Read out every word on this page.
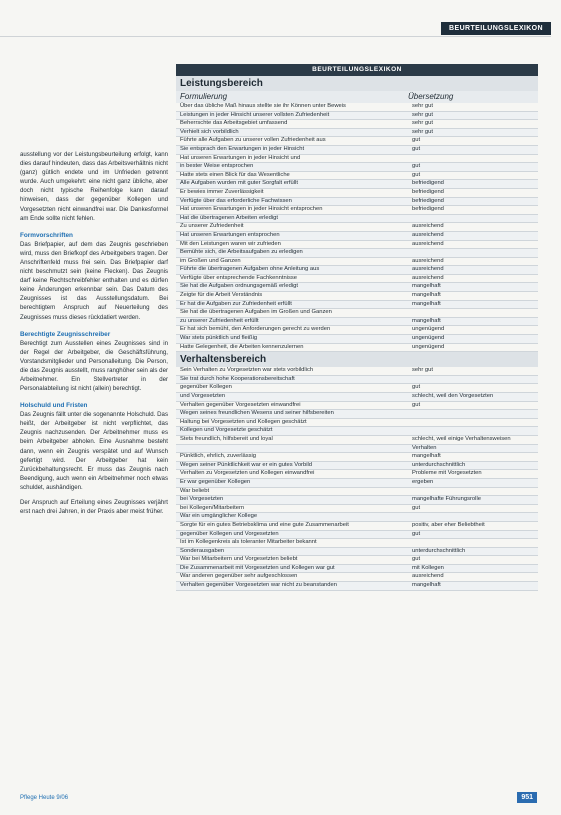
BEURTEILUNGSLEXIKON

ausstellung vor der Leistungsbeurteilung erfolgt, kann dies darauf hindeuten, dass das Arbeitsverhältnis nicht (ganz) gütlich endete und im Unfrieden getrennt wurde. Auch umgekehrt: eine nicht ganz übliche, aber doch nicht typische Reihenfolge kann darauf hinweisen, dass der gegenüber Kollegen und Vorgesetzten nicht einwandfrei war. Die Dankesformel am Ende sollte nicht fehlen.

Formvorschriften

Das Briefpapier, auf dem das Zeugnis geschrieben wird, muss den Briefkopf des Arbeitgebers tragen. Der Anschriftenfeld muss frei sein. Das Briefpapier darf nicht beschmutzt sein (keine Flecken). Das Zeugnis darf keine Rechtschreibfehler enthalten und es dürfen keine Änderungen erkennbar sein. Das Datum des Zeugnisses ist das Ausstellungsdatum. Bei berechtigtem Anspruch auf Neuerteilung des Zeugnisses muss dieses rückdatiert werden.

Berechtigte Zeugnisschreiber

Berechtigt zum Ausstellen eines Zeugnisses sind in der Regel der Arbeitgeber, die Geschäftsführung, Vorstandsmitglieder und Personalleitung. Die Person, die das Zeugnis ausstellt, muss ranghöher sein als der Arbeitnehmer. Ein Stellvertreter in der Personalabteilung ist nicht (allein) berechtigt.

Holschuld und Fristen

Das Zeugnis fällt unter die sogenannte Holschuld. Das heißt, der Arbeitgeber ist nicht verpflichtet, das Zeugnis nachzusenden. Der Arbeitnehmer muss es beim Arbeitgeber abholen. Eine Ausnahme besteht dann, wenn ein Zeugnis verspätet und auf Wunsch gefertigt wird. Der Arbeitgeber hat kein Zurückbehaltungsrecht. Er muss das Zeugnis nach Beendigung, auch wenn ein Arbeitnehmer noch etwas schuldet, aushändigen.

Der Anspruch auf Erteilung eines Zeugnisses verjährt erst nach drei Jahren, in der Praxis aber meist früher.

BEURTEILUNGSLEXIKON
Leistungsbereich
Formulierung	Übersetzung
Über das übliche Maß hinaus stellte sie ihr Können unter Beweis	sehr gut
Leistungen in jeder Hinsicht unserer vollsten Zufriedenheit	sehr gut
Beherrschte das Arbeitsgebiet umfassend	sehr gut
Verhielt sich vorbildlich	sehr gut
Führte alle Aufgaben zu unserer vollen Zufriedenheit aus	gut
Sie entsprach den Erwartungen in jeder Hinsicht	gut
Hat unseren Erwartungen in jeder Hinsicht und
in bester Weise entsprochen	gut
Hatte stets einen Blick für das Wesentliche	gut
Alle Aufgaben wurden mit guter Sorgfalt erfüllt	befriedigend
Er bewies immer Zuverlässigkeit	befriedigend
Verfügte über das erforderliche Fachwissen	befriedigend
Hat unseren Erwartungen in jeder Hinsicht entsprochen	befriedigend
Hat die übertragenen Arbeiten erledigt
Zu unserer Zufriedenheit	ausreichend
Hat unseren Erwartungen entsprochen	ausreichend
Mit den Leistungen waren wir zufrieden	ausreichend
Bemühte sich, die Arbeitsaufgaben zu erledigen
im Großen und Ganzen	ausreichend
Führte die übertragenen Aufgaben ohne Anleitung aus	ausreichend
Verfügte über entsprechende Fachkenntnisse	ausreichend
Sie hat die Aufgaben ordnungsgemäß erledigt	mangelhaft
Zeigte für die Arbeit Verständnis	mangelhaft
Er hat die Aufgaben zur Zufriedenheit erfüllt	mangelhaft
Sie hat die übertragenen Aufgaben im Großen und Ganzen
zu unserer Zufriedenheit erfüllt	mangelhaft
Er hat sich bemüht, den Anforderungen gerecht zu werden	ungenügend
War stets pünktlich und fleißig	ungenügend
Hatte Gelegenheit, die Arbeiten kennenzulernen	ungenügend
Verhaltensbereich
Sein Verhalten zu Vorgesetzten war stets vorbildlich	sehr gut
Sie trat durch hohe Kooperationsbereitschaft
gegenüber Kollegen	gut
und Vorgesetzten	schlecht, weil den Vorgesetzten
Verhalten gegenüber Vorgesetzten einwandfrei	gut
Wegen seines freundlichen Wesens und seiner hilfsbereiten
Haltung bei Vorgesetzten und Kollegen geschätzt
Kollegen und Vorgesetzte geschätzt
Stets freundlich, hilfsbereit und loyal	schlecht, weil einige Verhaltensweisen
Verhalten
Pünktlich, ehrlich, zuverlässig	mangelhaft
Wegen seiner Pünktlichkeit war er ein gutes Vorbild	unterdurchschnittlich
Verhalten zu Vorgesetzten und Kollegen einwandfrei	Probleme mit Vorgesetzten
Er war gegenüber Kollegen	ergeben
War beliebt
bei Vorgesetzten	mangelhafte Führungsrolle
bei Kollegen/Mitarbeitern	gut
War ein umgänglicher Kollege
Sorgte für ein gutes Betriebsklima und eine gute Zusammenarbeit	positiv, aber eher Beliebtheit
gegenüber Kollegen und Vorgesetzten	gut
Ist im Kollegenkreis als toleranter Mitarbeiter bekannt
Sonderausgaben	unterdurchschnittlich
War bei Mitarbeitern und Vorgesetzten beliebt	gut
Die Zusammenarbeit mit Vorgesetzten und Kollegen war gut	mit Kollegen
War anderen gegenüber sehr aufgeschlossen	ausreichend
Verhalten gegenüber Vorgesetzten war nicht zu beanstanden	mangelhaft
Pflege Heute 9/06	951
